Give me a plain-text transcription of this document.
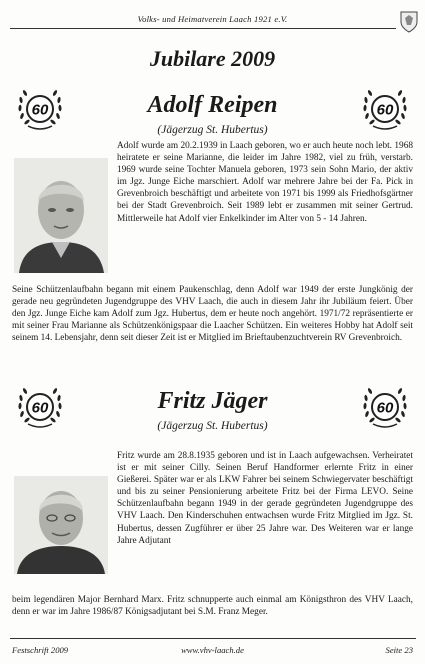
Volks- und Heimatverein Laach 1921 e.V.
Jubilare 2009
60	60
Adolf Reipen
(Jägerzug St. Hubertus)
Adolf wurde am 20.2.1939 in Laach geboren, wo er auch heute noch lebt. 1968 heiratete er seine Marianne, die leider im Jahre 1982, viel zu früh, verstarb. 1969 wurde seine Tochter Manuela geboren, 1973 sein Sohn Mario, der aktiv im Jgz. Junge Eiche marschiert. Adolf war mehrere Jahre bei der Fa. Pick in Grevenbroich beschäftigt und arbeitete von 1971 bis 1999 als Friedhofsgärtner bei der Stadt Grevenbroich. Seit 1989 lebt er zusammen mit seiner Gertrud. Mittlerweile hat Adolf vier Enkelkinder im Alter von 5 - 14 Jahren.
Seine Schützenlaufbahn begann mit einem Paukenschlag, denn Adolf war 1949 der erste Jungkönig der gerade neu gegründeten Jugendgruppe des VHV Laach, die auch in diesem Jahr ihr Jubiläum feiert. Über den Jgz. Junge Eiche kam Adolf zum Jgz. Hubertus, dem er heute noch angehört. 1971/72 repräsentierte er mit seiner Frau Marianne als Schützenkönigspaar die Laacher Schützen. Ein weiteres Hobby hat Adolf seit seinem 14. Lebensjahr, denn seit dieser Zeit ist er Mitglied im Brieftaubenzuchtverein RV Grevenbroich.
60	60
Fritz Jäger
(Jägerzug St. Hubertus)
Fritz wurde am 28.8.1935 geboren und ist in Laach aufgewachsen. Verheiratet ist er mit seiner Cilly. Seinen Beruf Handformer erlernte Fritz in einer Gießerei. Später war er als LKW Fahrer bei seinem Schwiegervater beschäftigt und bis zu seiner Pensionierung arbeitete Fritz bei der Firma LEVO. Seine Schützenlaufbahn begann 1949 in der gerade gegründeten Jugendgruppe des VHV Laach. Den Kinderschuhen entwachsen wurde Fritz Mitglied im Jgz. St. Hubertus, dessen Zugführer er über 25 Jahre war. Des Weiteren war er lange Jahre Adjutant
beim legendären Major Bernhard Marx. Fritz schnupperte auch einmal am Königsthron des VHV Laach, denn er war im Jahre 1986/87 Königsadjutant bei S.M. Franz Meger.
Festschrift 2009	www.vhv-laach.de	Seite 23
